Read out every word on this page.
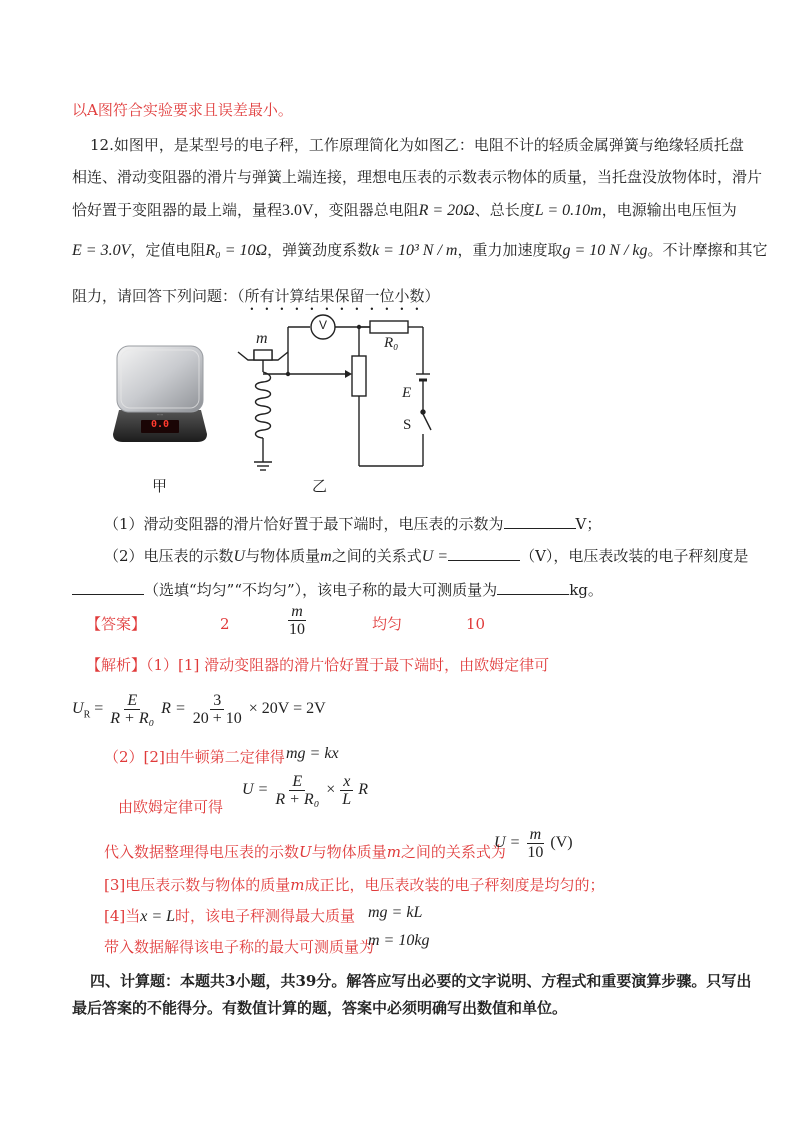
以A图符合实验要求且误差最小。
12.如图甲，是某型号的电子秤，工作原理简化为如图乙：电阻不计的轻质金属弹簧与绝缘轻质托盘
相连、滑动变阻器的滑片与弹簧上端连接，理想电压表的示数表示物体的质量，当托盘没放物体时，滑片
恰好置于变阻器的最上端，量程3.0V，变阻器总电阻R = 20Ω、总长度L = 0.10m，电源输出电压恒为
E = 3.0V，定值电阻R₀ = 10Ω，弹簧劲度系数k = 10³ N / m，重力加速度取g = 10 N / kg。不计摩擦和其它
阻力，请回答下列问题：（所有计算结果保留一位小数）
·····
0.0
甲
m
V
R₀
E
S
乙
（1）滑动变阻器的滑片恰好置于最下端时，电压表的示数为	V；
（2）电压表的示数U与物体质量m之间的关系式U =	（V），电压表改装的电子秤刻度是
（选填“均匀”“不均匀”），该电子称的最大可测质量为	kg。
【答案】	2	$\frac{m}{10}$	均匀	10
【解析】（1）[1] 滑动变阻器的滑片恰好置于最下端时，由欧姆定律可
$U_R = \frac{E}{\text{R + R₀}}$ $R = \frac{3}{20 + 10} \times 20V = 2V$
（2）[2]由牛顿第二定律得 mg = kx
由欧姆定律可得
$U = \frac{E}{\text{R + R₀}} \times \frac{x}{L}$ R
代入数据整理得电压表的示数U与物体质量m之间的关系式为
$U = \frac{m}{10} (V)$
[3]电压表示数与物体的质量m成正比，电压表改装的电子秤刻度是均匀的；
[4]当x = L时，该电子秤测得最大质量 mg = kL
带入数据解得该电子称的最大可测质量为
m = 10kg
四、计算题：本题共3小题，共39分。解答应写出必要的文字说明、方程式和重要演算步骤。只写出
最后答案的不能得分。有数值计算的题，答案中必须明确写出数值和单位。
